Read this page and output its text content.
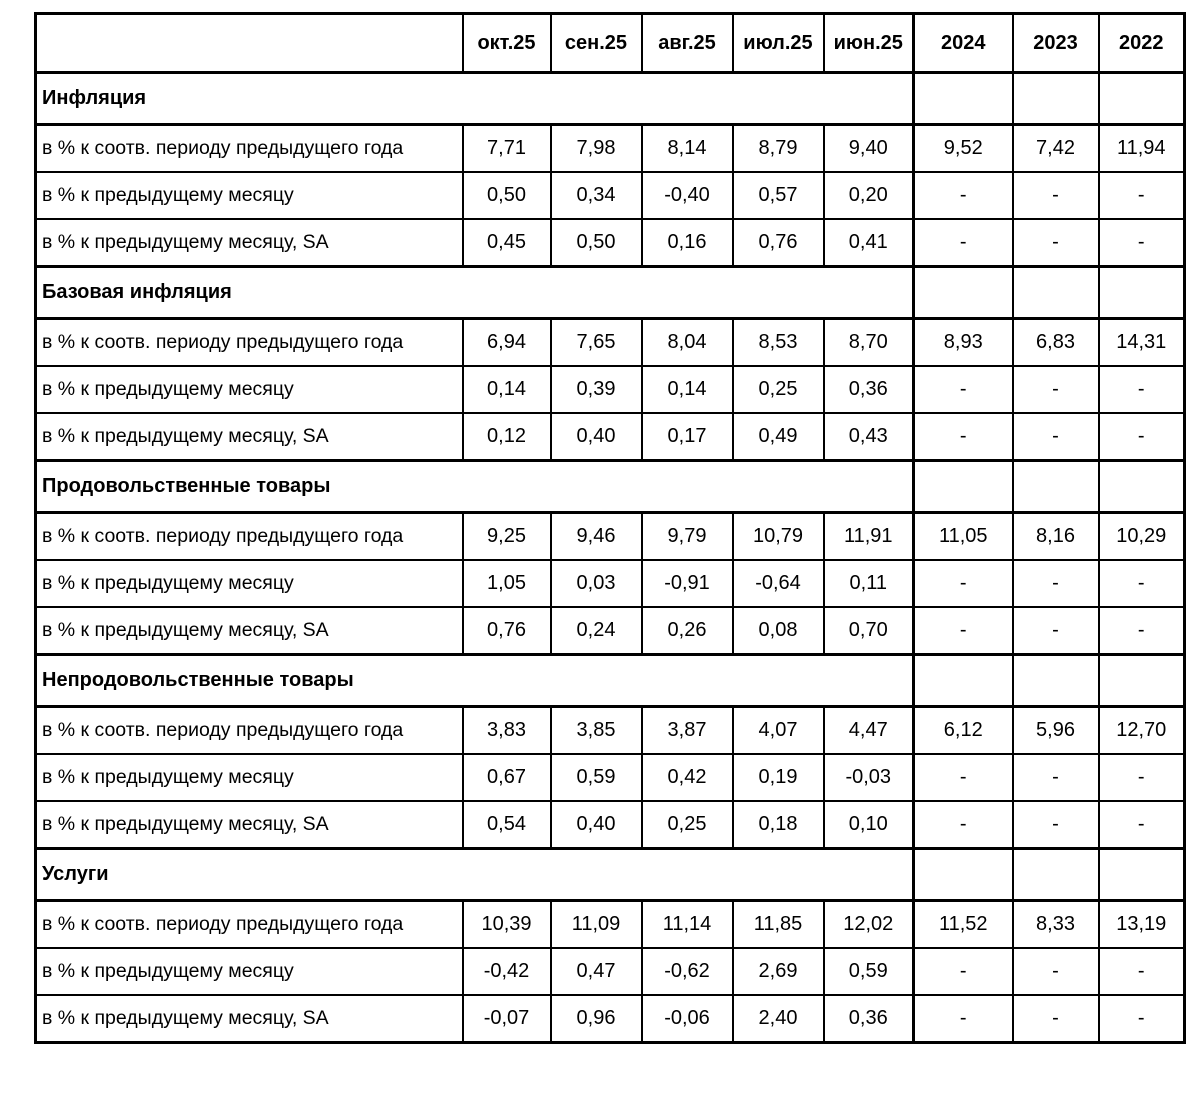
	окт.25	сен.25	авг.25	июл.25	июн.25	2024	2023	2022
Инфляция								
в % к соотв. периоду предыдущего года	7,71	7,98	8,14	8,79	9,40	9,52	7,42	11,94
в % к предыдущему месяцу	0,50	0,34	-0,40	0,57	0,20	-	-	-
в % к предыдущему месяцу, SA	0,45	0,50	0,16	0,76	0,41	-	-	-
Базовая инфляция								
в % к соотв. периоду предыдущего года	6,94	7,65	8,04	8,53	8,70	8,93	6,83	14,31
в % к предыдущему месяцу	0,14	0,39	0,14	0,25	0,36	-	-	-
в % к предыдущему месяцу, SA	0,12	0,40	0,17	0,49	0,43	-	-	-
Продовольственные товары								
в % к соотв. периоду предыдущего года	9,25	9,46	9,79	10,79	11,91	11,05	8,16	10,29
в % к предыдущему месяцу	1,05	0,03	-0,91	-0,64	0,11	-	-	-
в % к предыдущему месяцу, SA	0,76	0,24	0,26	0,08	0,70	-	-	-
Непродовольственные товары								
в % к соотв. периоду предыдущего года	3,83	3,85	3,87	4,07	4,47	6,12	5,96	12,70
в % к предыдущему месяцу	0,67	0,59	0,42	0,19	-0,03	-	-	-
в % к предыдущему месяцу, SA	0,54	0,40	0,25	0,18	0,10	-	-	-
Услуги								
в % к соотв. периоду предыдущего года	10,39	11,09	11,14	11,85	12,02	11,52	8,33	13,19
в % к предыдущему месяцу	-0,42	0,47	-0,62	2,69	0,59	-	-	-
в % к предыдущему месяцу, SA	-0,07	0,96	-0,06	2,40	0,36	-	-	-
